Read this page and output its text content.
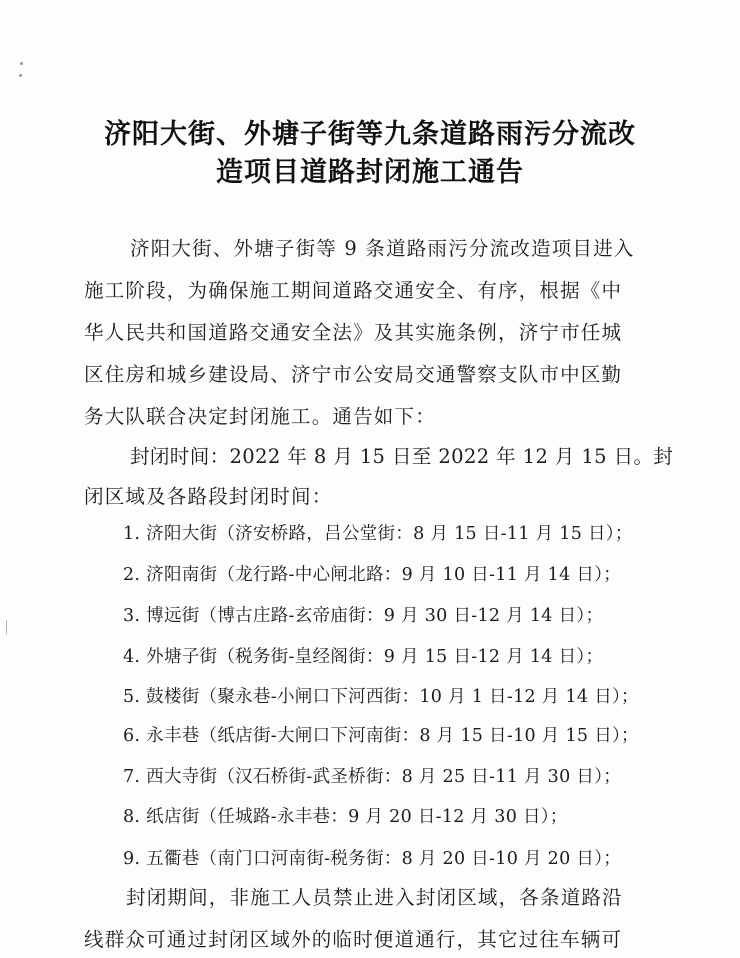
济阳大街、外塘子街等九条道路雨污分流改
造项目道路封闭施工通告
济阳大街、外塘子街等 9 条道路雨污分流改造项目进入
施工阶段，为确保施工期间道路交通安全、有序，根据《中
华人民共和国道路交通安全法》及其实施条例，济宁市任城
区住房和城乡建设局、济宁市公安局交通警察支队市中区勤
务大队联合决定封闭施工。通告如下：
封闭时间：2022 年 8 月 15 日至 2022 年 12 月 15 日。封
闭区域及各路段封闭时间：
1. 济阳大街（济安桥路，吕公堂街：8 月 15 日-11 月 15 日）；
2. 济阳南街（龙行路-中心闸北路：9 月 10 日-11 月 14 日）；
3. 博远街（博古庄路-玄帝庙街：9 月 30 日-12 月 14 日）；
4. 外塘子街（税务街-皇经阁街：9 月 15 日-12 月 14 日）；
5. 鼓楼街（聚永巷-小闸口下河西街：10 月 1 日-12 月 14 日）；
6. 永丰巷（纸店街-大闸口下河南街：8 月 15 日-10 月 15 日）；
7. 西大寺街（汉石桥街-武圣桥街：8 月 25 日-11 月 30 日）；
8. 纸店街（任城路-永丰巷：9 月 20 日-12 月 30 日）；
9. 五衢巷（南门口河南街-税务街：8 月 20 日-10 月 20 日）；
封闭期间，非施工人员禁止进入封闭区域，各条道路沿
线群众可通过封闭区域外的临时便道通行，其它过往车辆可
